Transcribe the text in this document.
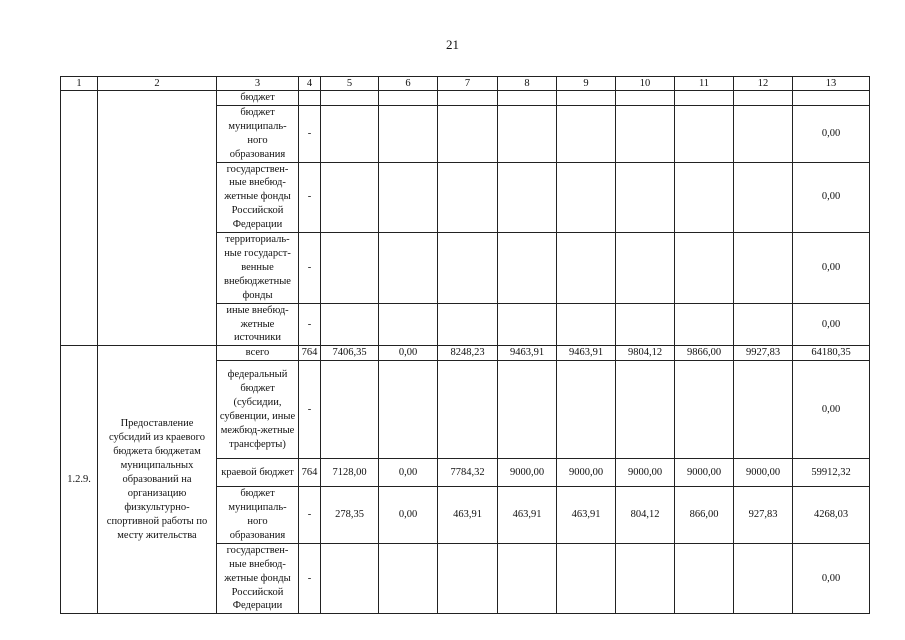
21
1	2	3	4	5	6	7	8	9	10	11	12	13
		бюджет										
		бюджет муниципаль-ного образования	-									0,00
		государствен-ные внебюд-жетные фонды Российской Федерации	-									0,00
		территориаль-ные государст-венные внебюджетные фонды	-									0,00
		иные внебюд-жетные источники	-									0,00
1.2.9.	Предоставление субсидий из краевого бюджета бюджетам муниципальных образований на организацию физкультурно-спортивной работы по месту жительства	всего	764	7406,35	0,00	8248,23	9463,91	9463,91	9804,12	9866,00	9927,83	64180,35
		федеральный бюджет (субсидии, субвенции, иные межбюд-жетные трансферты)	-									0,00
		краевой бюджет	764	7128,00	0,00	7784,32	9000,00	9000,00	9000,00	9000,00	9000,00	59912,32
		бюджет муниципаль-ного образования	-	278,35	0,00	463,91	463,91	463,91	804,12	866,00	927,83	4268,03
		государствен-ные внебюд-жетные фонды Российской Федерации	-									0,00
